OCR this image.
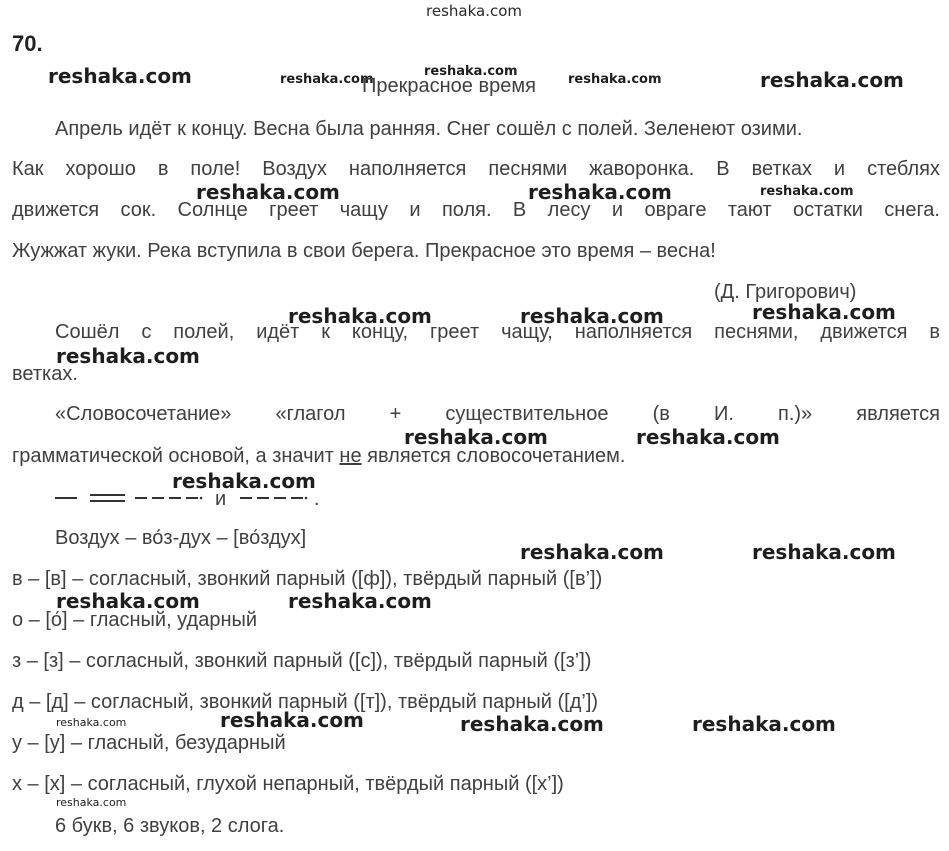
reshaka.com
reshaka.com	reshaka.com
reshaka.com
reshaka.com	reshaka.com
reshaka.com	reshaka.com	reshaka.com
reshaka.com	reshaka.com	reshaka.com
reshaka.com
reshaka.com	reshaka.com
reshaka.com
reshaka.com	reshaka.com
reshaka.com	reshaka.com
reshaka.com	reshaka.com	reshaka.com	reshaka.com
reshaka.com
70.
Прекрасное время
Апрель идёт к концу. Весна была ранняя. Снег сошёл с полей. Зеленеют озими.
Как хорошо в поле! Воздух наполняется песнями жаворонка. В ветках и стеблях
движется сок. Солнце греет чащу и поля. В лесу и овраге тают остатки снега.
Жужжат жуки. Река вступила в свои берега. Прекрасное это время – весна!
(Д. Григорович)
Сошёл с полей, идёт к концу, греет чащу, наполняется песнями, движется в
ветках.
«Словосочетание» «глагол + существительное (в И. п.)» является
грамматической основой, а значит не является словосочетанием.
и	.
Воздух – во́з-дух – [во́здух]
в – [в] – согласный, звонкий парный ([ф]), твёрдый парный ([в’])
о – [о́] – гласный, ударный
з – [з] – согласный, звонкий парный ([с]), твёрдый парный ([з’])
д – [д] – согласный, звонкий парный ([т]), твёрдый парный ([д’])
у – [у] – гласный, безударный
х – [х] – согласный, глухой непарный, твёрдый парный ([х’])
6 букв, 6 звуков, 2 слога.
